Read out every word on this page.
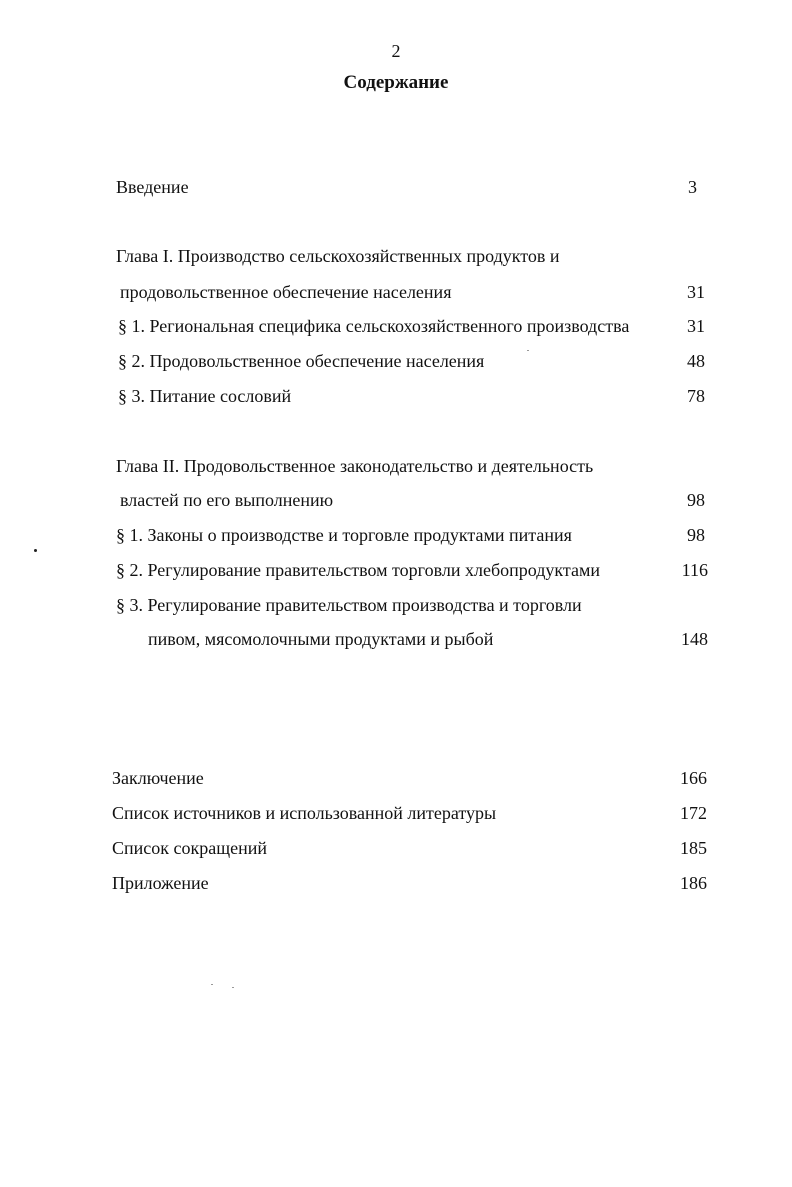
2
Содержание
Введение	3
Глава I. Производство сельскохозяйственных продуктов и
продовольственное обеспечение населения	31
§ 1. Региональная специфика сельскохозяйственного производства	31
§ 2. Продовольственное обеспечение населения	48
§ 3. Питание сословий	78
Глава II. Продовольственное законодательство и деятельность
властей по его выполнению	98
§ 1. Законы о производстве и торговле продуктами питания	98
§ 2. Регулирование правительством торговли хлебопродуктами	116
§ 3. Регулирование правительством производства и торговли
пивом, мясомолочными продуктами и рыбой	148
Заключение	166
Список источников и использованной литературы	172
Список сокращений	185
Приложение	186
